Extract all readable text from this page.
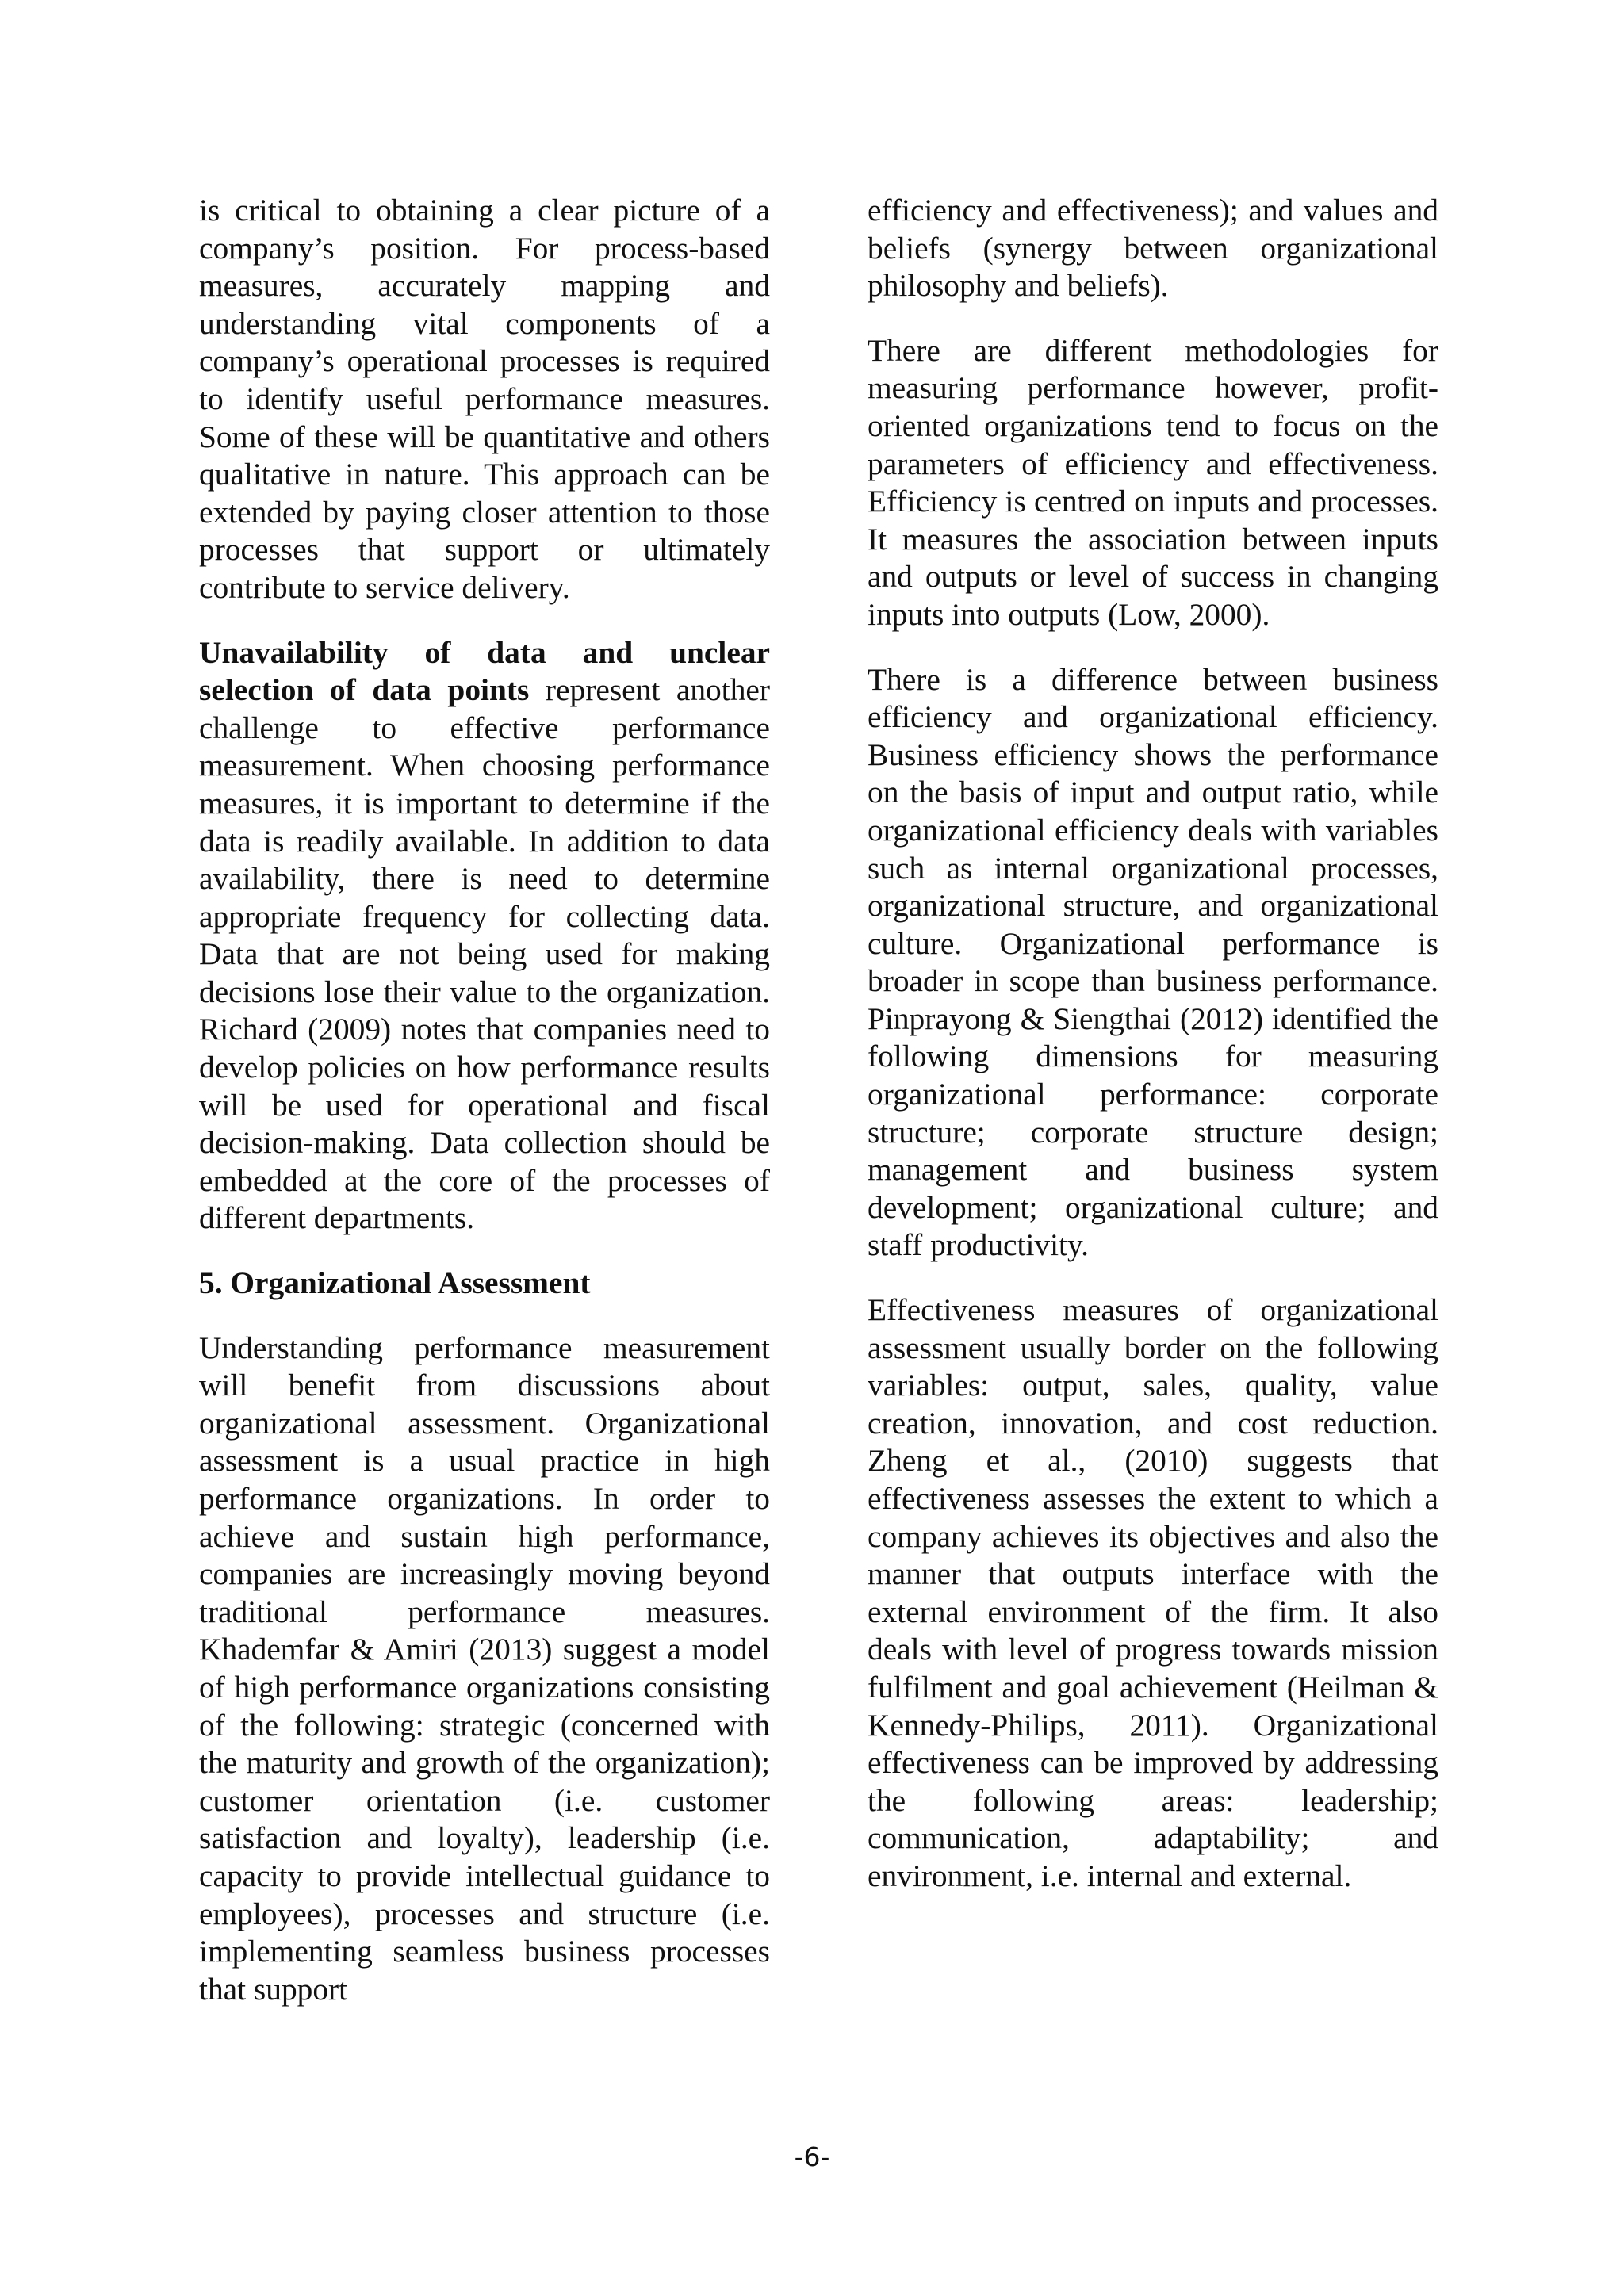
is critical to obtaining a clear picture of a company’s position. For process-based measures, accurately mapping and understanding vital components of a company’s operational processes is required to identify useful performance measures. Some of these will be quantitative and others qualitative in nature. This approach can be extended by paying closer attention to those processes that support or ultimately contribute to service delivery.

Unavailability of data and unclear selection of data points represent another challenge to effective performance measurement. When choosing performance measures, it is important to determine if the data is readily available. In addition to data availability, there is need to determine appropriate frequency for collecting data. Data that are not being used for making decisions lose their value to the organization. Richard (2009) notes that companies need to develop policies on how performance results will be used for operational and fiscal decision-making. Data collection should be embedded at the core of the processes of different departments.

5. Organizational Assessment

Understanding performance measurement will benefit from discussions about organizational assessment. Organizational assessment is a usual practice in high performance organizations. In order to achieve and sustain high performance, companies are increasingly moving beyond traditional performance measures. Khademfar & Amiri (2013) suggest a model of high performance organizations consisting of the following: strategic (concerned with the maturity and growth of the organization); customer orientation (i.e. customer satisfaction and loyalty), leadership (i.e. capacity to provide intellectual guidance to employees), processes and structure (i.e. implementing seamless business processes that support

efficiency and effectiveness); and values and beliefs (synergy between organizational philosophy and beliefs).

There are different methodologies for measuring performance however, profit-oriented organizations tend to focus on the parameters of efficiency and effectiveness. Efficiency is centred on inputs and processes. It measures the association between inputs and outputs or level of success in changing inputs into outputs (Low, 2000).

There is a difference between business efficiency and organizational efficiency. Business efficiency shows the performance on the basis of input and output ratio, while organizational efficiency deals with variables such as internal organizational processes, organizational structure, and organizational culture. Organizational performance is broader in scope than business performance. Pinprayong & Siengthai (2012) identified the following dimensions for measuring organizational performance: corporate structure; corporate structure design; management and business system development; organizational culture; and staff productivity.

Effectiveness measures of organizational assessment usually border on the following variables: output, sales, quality, value creation, innovation, and cost reduction. Zheng et al., (2010) suggests that effectiveness assesses the extent to which a company achieves its objectives and also the manner that outputs interface with the external environment of the firm. It also deals with level of progress towards mission fulfilment and goal achievement (Heilman & Kennedy-Philips, 2011). Organizational effectiveness can be improved by addressing the following areas: leadership; communication, adaptability; and environment, i.e. internal and external.

-6-
